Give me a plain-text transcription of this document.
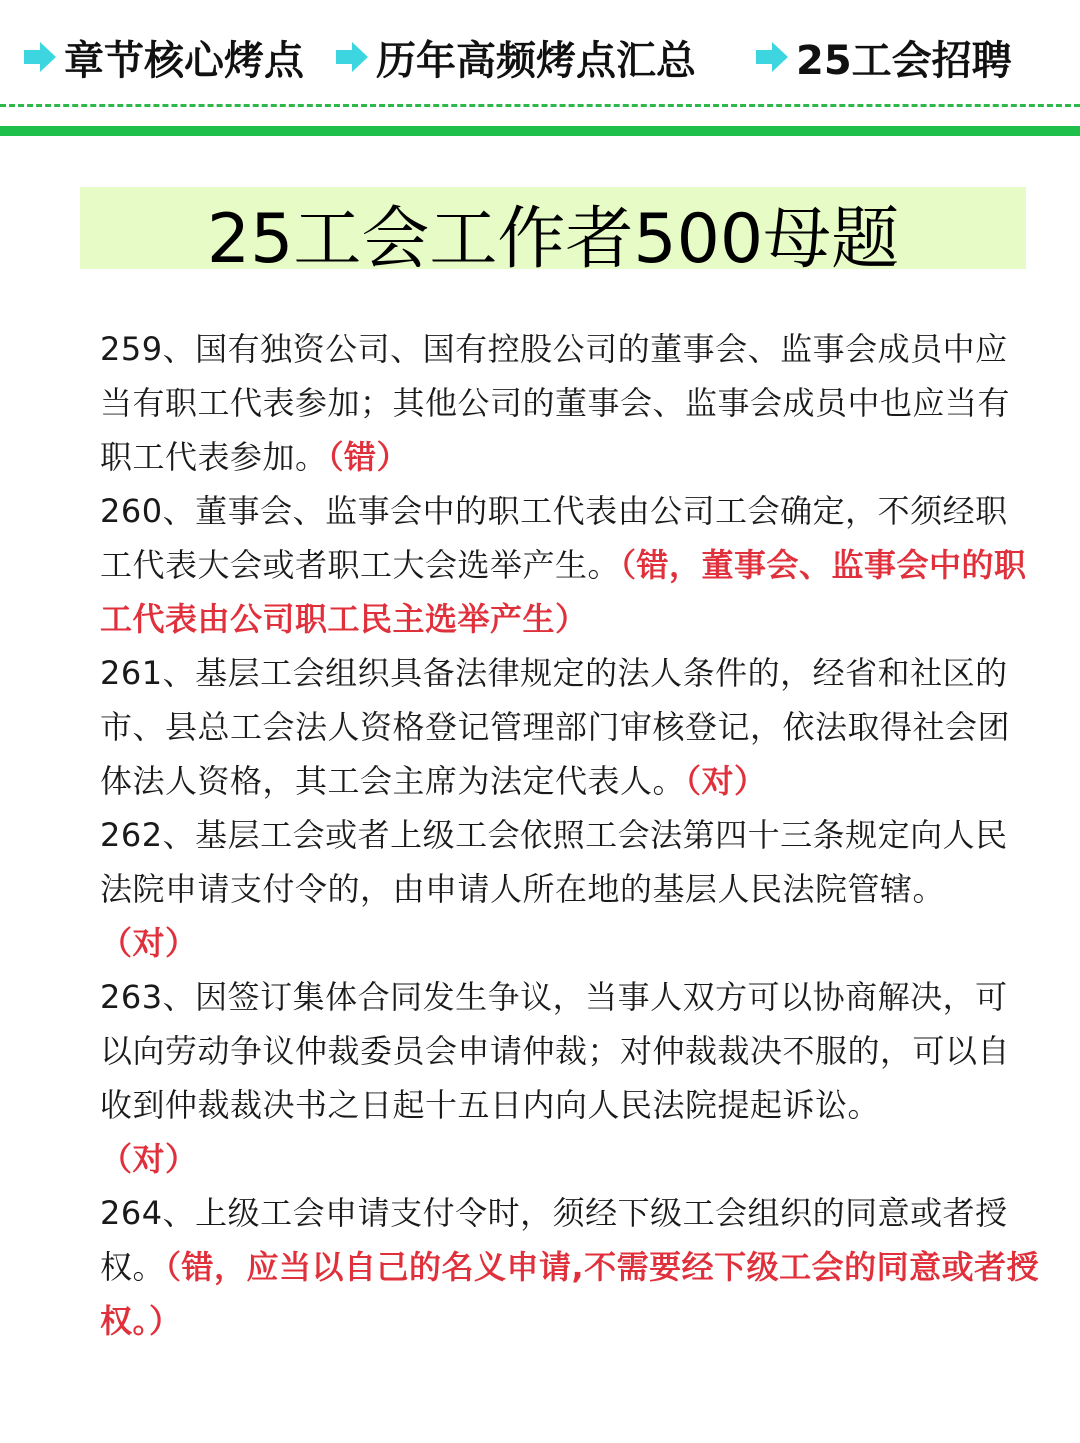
章节核心烤点 历年高频烤点汇总	25工会招聘
25工会工作者500母题

259、国有独资公司、国有控股公司的董事会、监事会成员中应当有职工代表参加；其他公司的董事会、监事会成员中也应当有职工代表参加。（错）

260、董事会、监事会中的职工代表由公司工会确定，不须经职工代表大会或者职工大会选举产生。（错，董事会、监事会中的职工代表由公司职工民主选举产生）

261、基层工会组织具备法律规定的法人条件的，经省和社区的市、县总工会法人资格登记管理部门审核登记，依法取得社会团体法人资格，其工会主席为法定代表人。（对）

262、基层工会或者上级工会依照工会法第四十三条规定向人民法院申请支付令的，由申请人所在地的基层人民法院管辖。
（对）

263、因签订集体合同发生争议，当事人双方可以协商解决，可以向劳动争议仲裁委员会申请仲裁；对仲裁裁决不服的，可以自收到仲裁裁决书之日起十五日内向人民法院提起诉讼。
（对）

264、上级工会申请支付令时，须经下级工会组织的同意或者授权。（错，应当以自己的名义申请,不需要经下级工会的同意或者授权。）
